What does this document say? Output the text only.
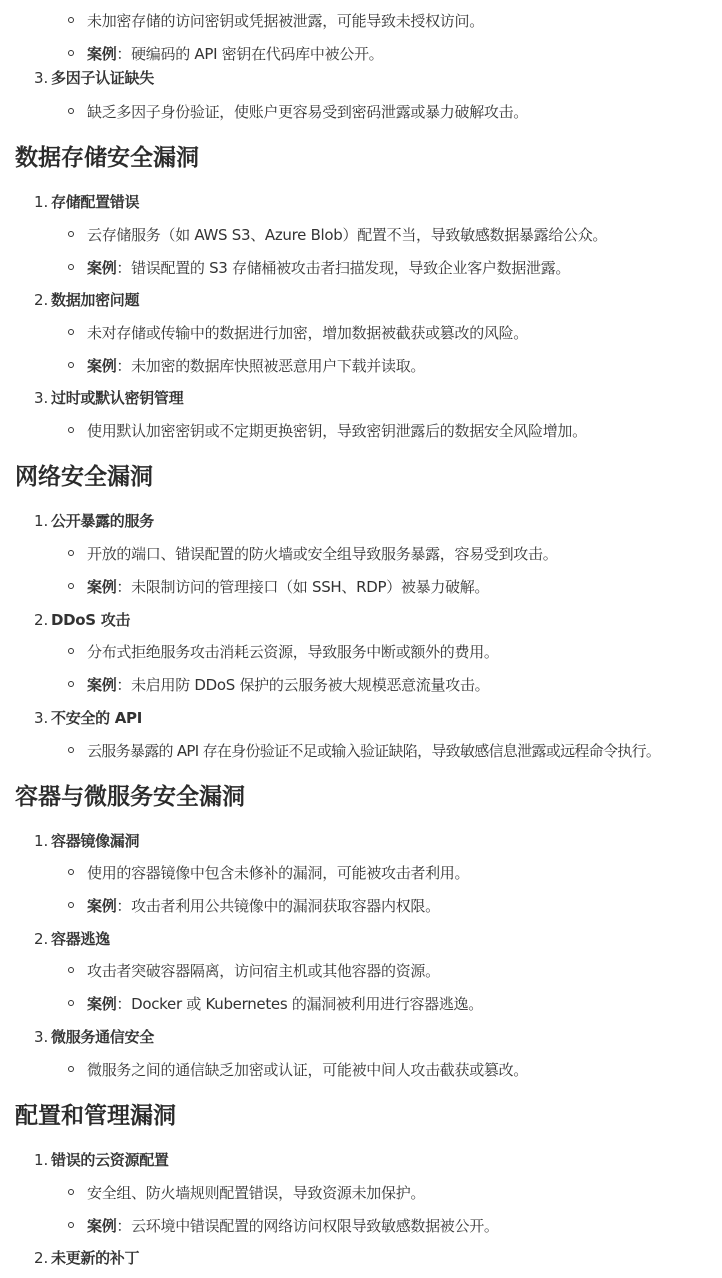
未加密存储的访问密钥或凭据被泄露，可能导致未授权访问。
案例：硬编码的 API 密钥在代码库中被公开。
3. 多因子认证缺失
缺乏多因子身份验证，使账户更容易受到密码泄露或暴力破解攻击。
数据存储安全漏洞
1. 存储配置错误
云存储服务（如 AWS S3、Azure Blob）配置不当，导致敏感数据暴露给公众。
案例：错误配置的 S3 存储桶被攻击者扫描发现，导致企业客户数据泄露。
2. 数据加密问题
未对存储或传输中的数据进行加密，增加数据被截获或篡改的风险。
案例：未加密的数据库快照被恶意用户下载并读取。
3. 过时或默认密钥管理
使用默认加密密钥或不定期更换密钥，导致密钥泄露后的数据安全风险增加。
网络安全漏洞
1. 公开暴露的服务
开放的端口、错误配置的防火墙或安全组导致服务暴露，容易受到攻击。
案例：未限制访问的管理接口（如 SSH、RDP）被暴力破解。
2. DDoS 攻击
分布式拒绝服务攻击消耗云资源，导致服务中断或额外的费用。
案例：未启用防 DDoS 保护的云服务被大规模恶意流量攻击。
3. 不安全的 API
云服务暴露的 API 存在身份验证不足或输入验证缺陷，导致敏感信息泄露或远程命令执行。
容器与微服务安全漏洞
1. 容器镜像漏洞
使用的容器镜像中包含未修补的漏洞，可能被攻击者利用。
案例：攻击者利用公共镜像中的漏洞获取容器内权限。
2. 容器逃逸
攻击者突破容器隔离，访问宿主机或其他容器的资源。
案例：Docker 或 Kubernetes 的漏洞被利用进行容器逃逸。
3. 微服务通信安全
微服务之间的通信缺乏加密或认证，可能被中间人攻击截获或篡改。
配置和管理漏洞
1. 错误的云资源配置
安全组、防火墙规则配置错误，导致资源未加保护。
案例：云环境中错误配置的网络访问权限导致敏感数据被公开。
2. 未更新的补丁
